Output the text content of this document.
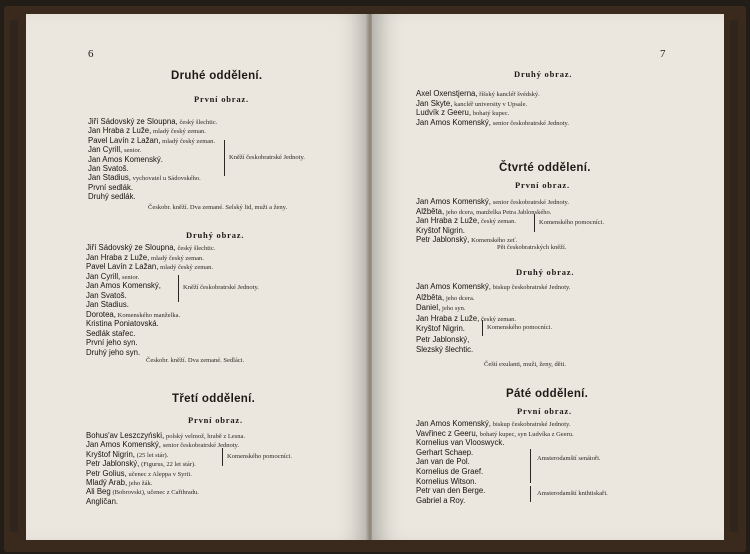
6
Druhé oddělení.
První obraz.
Jiří Sádovský ze Sloupna, český šlechtic.
Jan Hrabа z Luže, mladý český zeman.
Pavel Lavín z Lažan, mladý český zeman.
Jan Cyrill, senior.
Jan Amos Komenský.
Jan Svatoš.
Jan Stadius, vychovatel u Sádovského.
První sedlák.
Druhý sedlák.
Kněží českobratrské Jednoty.
Českobr. kněží. Dva zemané. Selský lid, muži a ženy.
Druhý obraz.
Jiří Sádovský ze Sloupna, český šlechtic.
Jan Hraba z Luže, mladý český zeman.
Pavel Lavín z Lažan, mladý český zeman.
Jan Cyrill, senior.
Jan Amos Komenský,
Jan Svatoš.
Jan Stadius.
Dorotea, Komenského manželka.
Kristina Poniatovská.
Sedlák stařec.
První jeho syn.
Druhý jeho syn.
Kněží českobratrské Jednoty.
Českobr. kněží. Dva zemané. Sedláci.
Třetí oddělení.
První obraz.
Bohus'av Leszczyński, polský velmož, hrabě z Lesna.
Jan Amos Komenský, senior českobratrské Jednoty.
Kryštof Nigrin, (25 let stár).
Petr Jablonský, (Figurus, 22 let stár).
Petr Golius, učenec z Aleppa v Syrii.
Mladý Arab, jeho žák.
Ali Beg (Bobrovski), učenec z Cařihradu.
Angličan.
Komenského pomocníci.
7
Druhý obraz.
Axel Oxenstjerna, říšský kancléř švédský.
Jan Skyte, kancléř university v Upsale.
Ludvík z Geeru, bohatý kupec.
Jan Amos Komenský, senior českobratrské Jednoty.
Čtvrté oddělení.
První obraz.
Jan Amos Komenský, senior českobratrské Jednoty.
Alžběta, jeho dcera, manželka Petra Jablonského.
Jan Hraba z Luže, český zeman.
Kryštof Nigrin.
Petr Jablonský, Komenského zeť.
Komenského pomocníci.
Pět českobratrských kněží.
Druhý obraz.
Jan Amos Komenský, biskup českobratrské Jednoty.
Alžběta, jeho dcera.
Daniel, jeho syn.
Jan Hraba z Luže, český zeman.
Kryštof Nigrin.
Petr Jablonský,
Slezský šlechtic.
Komenského pomocníci.
Čeští exulanti, muži, ženy, děti.
Páté oddělení.
První obraz.
Jan Amos Komenský, biskup českobratrské Jednoty.
Vavřinec z Geeru, bohatý kupec, syn Ludvíka z Geeru.
Kornelius van Vlooswyck.
Gerhart Schaep.
Jan van de Pol.
Kornelius de Graef.
Kornelius Witson.
Petr van den Berge.
Gabriel a Roy.
Amsterodamští senátoři.
Amsterodamští knihtiskaři.
